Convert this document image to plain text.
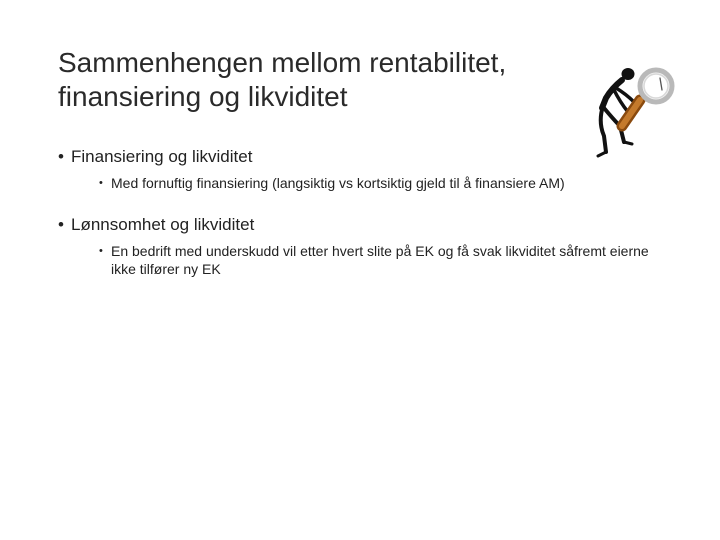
Sammenhengen mellom rentabilitet,
finansiering og likviditet
• Finansiering og likviditet
• Med fornuftig finansiering (langsiktig vs kortsiktig gjeld til å finansiere AM)
• Lønnsomhet og likviditet
• En bedrift med underskudd vil etter hvert slite på EK og få svak likviditet såfremt eierne ikke tilfører ny EK
